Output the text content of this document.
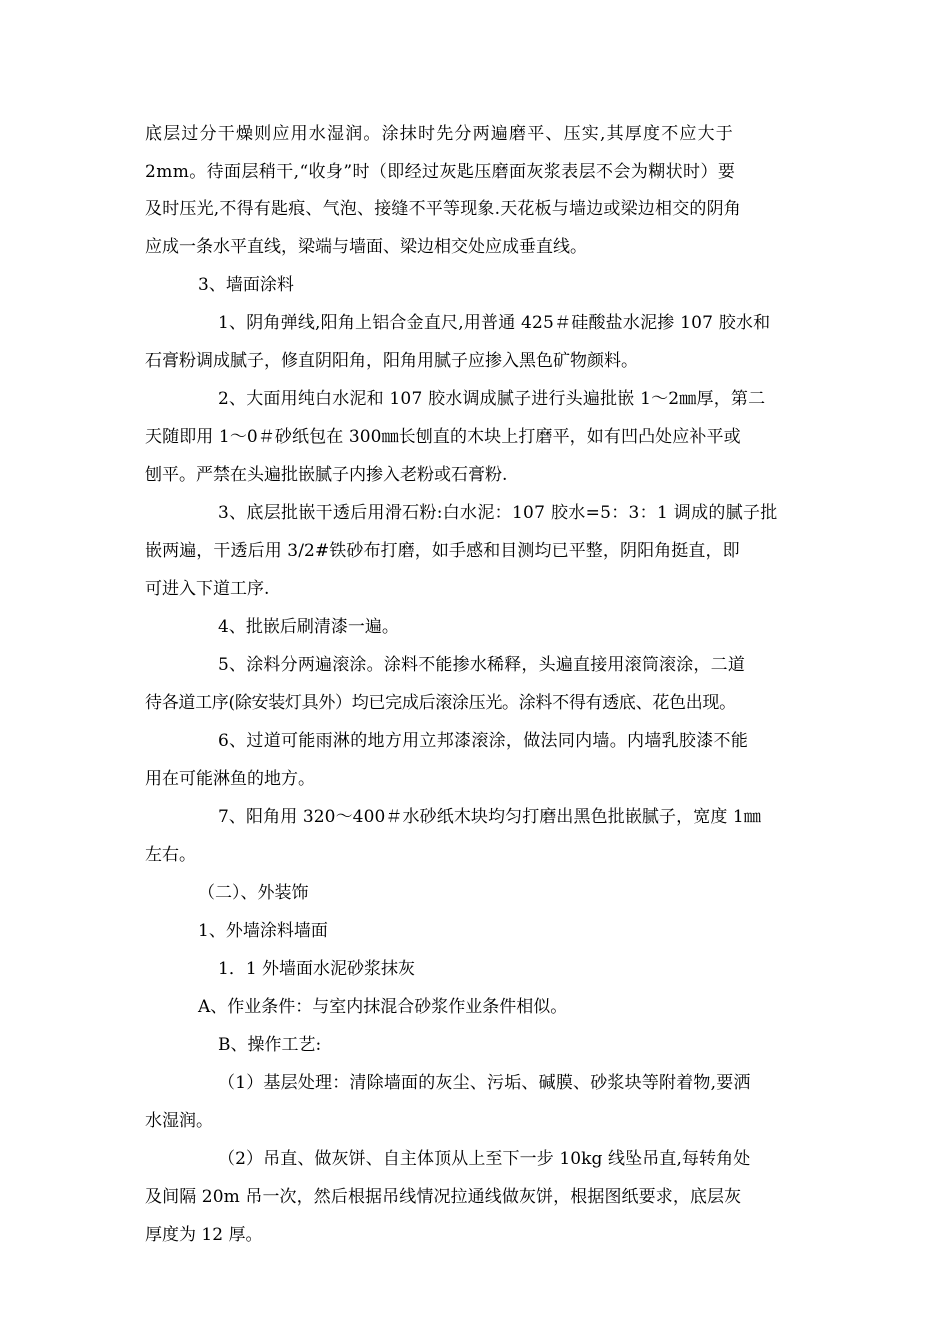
底层过分干燥则应用水湿润。涂抹时先分两遍磨平、压实,其厚度不应大于
2mm。待面层稍干,“收身”时（即经过灰匙压磨面灰浆表层不会为糊状时）要
及时压光,不得有匙痕、气泡、接缝不平等现象.天花板与墙边或梁边相交的阴角
应成一条水平直线，梁端与墙面、梁边相交处应成垂直线。
3、墙面涂料
1、阴角弹线,阳角上铝合金直尺,用普通 425＃硅酸盐水泥掺 107 胶水和
石膏粉调成腻子，修直阴阳角，阳角用腻子应掺入黑色矿物颜料。
2、大面用纯白水泥和 107 胶水调成腻子进行头遍批嵌 1～2㎜厚，第二
天随即用 1～0＃砂纸包在 300㎜长刨直的木块上打磨平，如有凹凸处应补平或
刨平。严禁在头遍批嵌腻子内掺入老粉或石膏粉.
3、底层批嵌干透后用滑石粉:白水泥：107 胶水=5：3：1 调成的腻子批
嵌两遍，干透后用 3/2#铁砂布打磨，如手感和目测均已平整，阴阳角挺直，即
可进入下道工序.
4、批嵌后刷清漆一遍。
5、涂料分两遍滚涂。涂料不能掺水稀释，头遍直接用滚筒滚涂，二道
待各道工序(除安装灯具外）均已完成后滚涂压光。涂料不得有透底、花色出现。
6、过道可能雨淋的地方用立邦漆滚涂，做法同内墙。内墙乳胶漆不能
用在可能淋鱼的地方。
7、阳角用 320～400＃水砂纸木块均匀打磨出黑色批嵌腻子，宽度 1㎜
左右。
（二）、外装饰
1、外墙涂料墙面
1．1 外墙面水泥砂浆抹灰
A、作业条件：与室内抹混合砂浆作业条件相似。
B、操作工艺:
（1）基层处理：清除墙面的灰尘、污垢、碱膜、砂浆块等附着物,要洒
水湿润。
（2）吊直、做灰饼、自主体顶从上至下一步 10kg 线坠吊直,每转角处
及间隔 20m 吊一次，然后根据吊线情况拉通线做灰饼，根据图纸要求，底层灰
厚度为 12 厚。
